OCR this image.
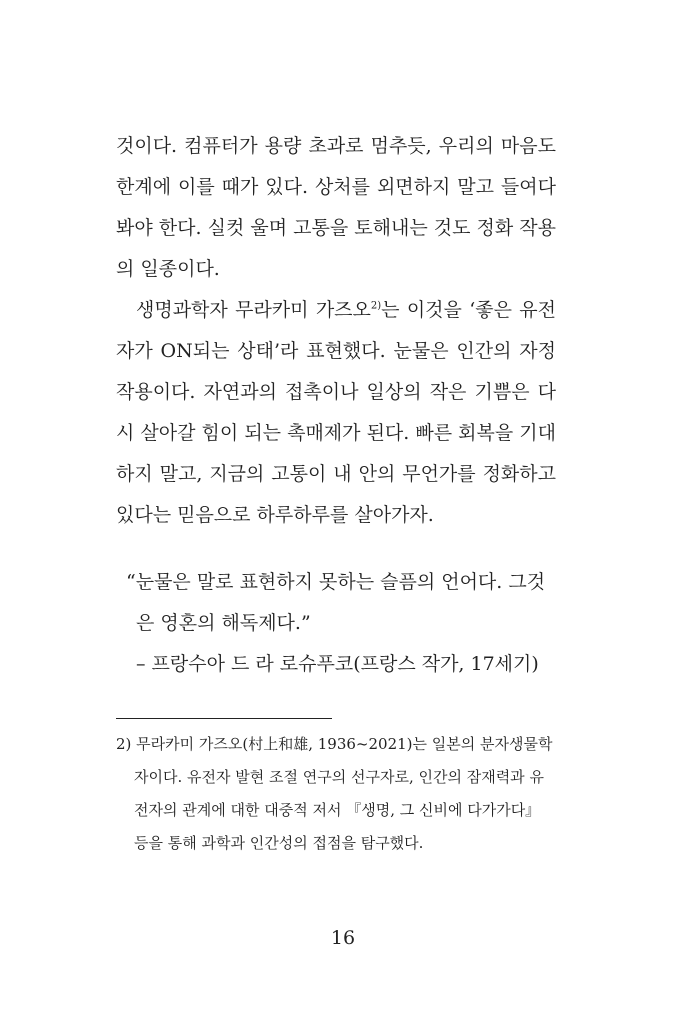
것이다. 컴퓨터가 용량 초과로 멈추듯, 우리의 마음도 한계에 이를 때가 있다. 상처를 외면하지 말고 들여다봐야 한다. 실컷 울며 고통을 토해내는 것도 정화 작용의 일종이다.

생명과학자 무라카미 가즈오$^{2)}$는 이것을 ‘좋은 유전자가 ON되는 상태’라 표현했다. 눈물은 인간의 자정작용이다. 자연과의 접촉이나 일상의 작은 기쁨은 다시 살아갈 힘이 되는 촉매제가 된다. 빠른 회복을 기대하지 말고, 지금의 고통이 내 안의 무언가를 정화하고 있다는 믿음으로 하루하루를 살아가자.

“눈물은 말로 표현하지 못하는 슬픔의 언어다. 그것은 영혼의 해독제다.”

– 프랑수아 드 라 로슈푸코(프랑스 작가, 17세기)

2) 무라카미 가즈오(村上和雄, 1936~2021)는 일본의 분자생물학자이다. 유전자 발현 조절 연구의 선구자로, 인간의 잠재력과 유전자의 관계에 대한 대중적 저서 『생명, 그 신비에 다가가다』 등을 통해 과학과 인간성의 접점을 탐구했다.

16
